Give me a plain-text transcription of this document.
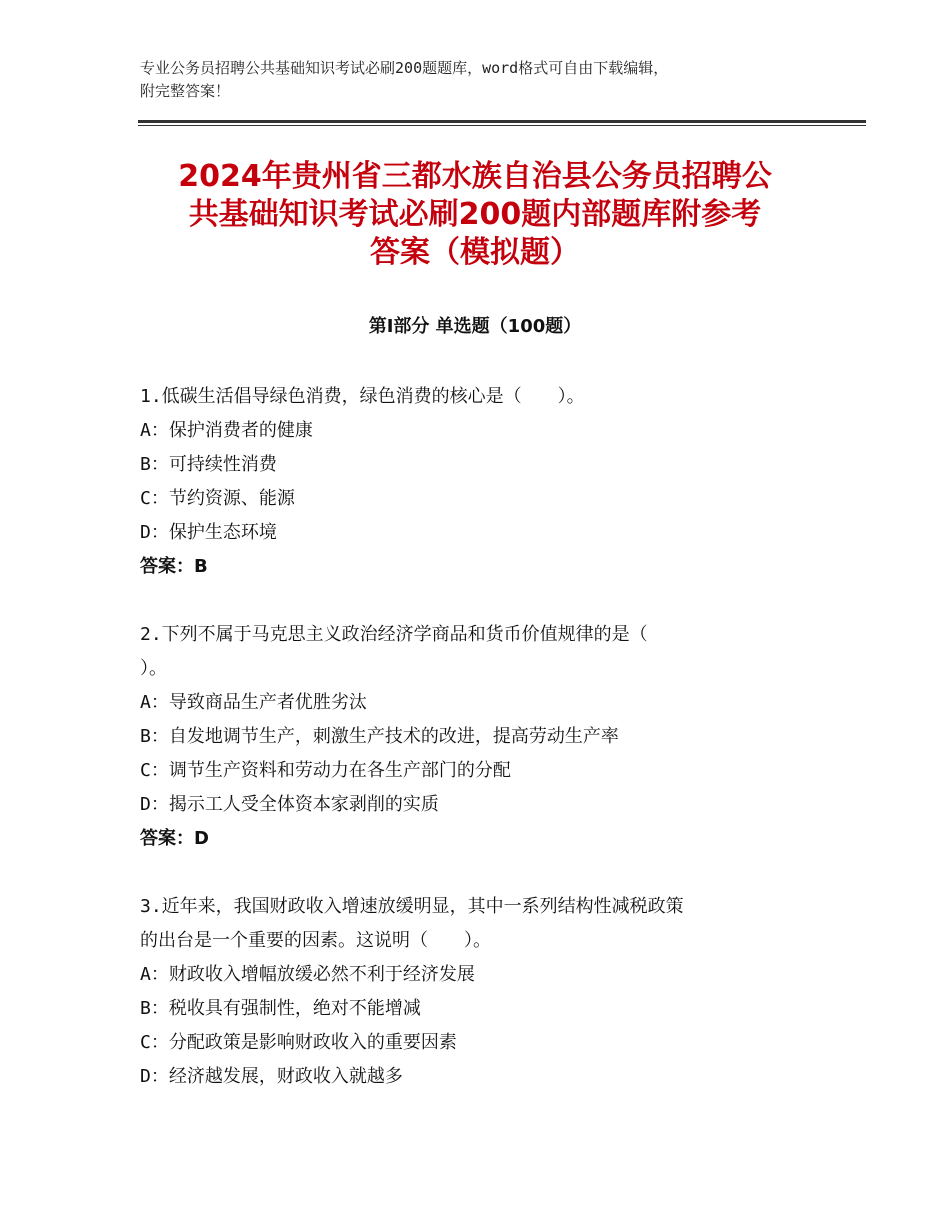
专业公务员招聘公共基础知识考试必刷200题题库，word格式可自由下载编辑，
附完整答案！
2024年贵州省三都水族自治县公务员招聘公
共基础知识考试必刷200题内部题库附参考
答案（模拟题）
第Ⅰ部分 单选题（100题）
1.低碳生活倡导绿色消费，绿色消费的核心是（　　）。
A：保护消费者的健康
B：可持续性消费
C：节约资源、能源
D：保护生态环境
答案：B
2.下列不属于马克思主义政治经济学商品和货币价值规律的是（
）。
A：导致商品生产者优胜劣汰
B：自发地调节生产，刺激生产技术的改进，提高劳动生产率
C：调节生产资料和劳动力在各生产部门的分配
D：揭示工人受全体资本家剥削的实质
答案：D
3.近年来，我国财政收入增速放缓明显，其中一系列结构性减税政策
的出台是一个重要的因素。这说明（　　）。
A：财政收入增幅放缓必然不利于经济发展
B：税收具有强制性，绝对不能增减
C：分配政策是影响财政收入的重要因素
D：经济越发展，财政收入就越多
